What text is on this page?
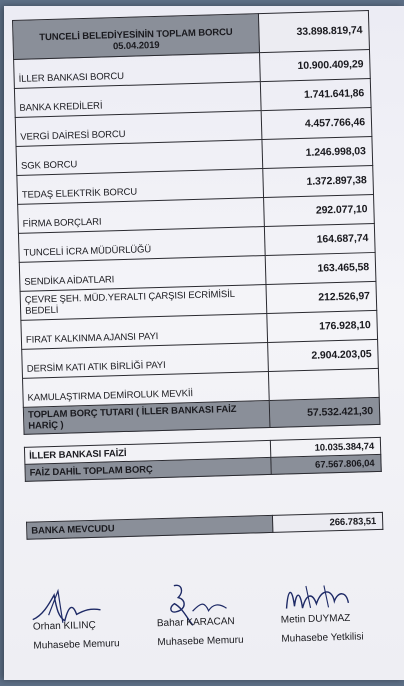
TUNCELİ BELEDİYESİNİN TOPLAM BORCU 05.04.2019	33.898.819,74
İLLER BANKASI BORCU	10.900.409,29
BANKA KREDİLERİ	1.741.641,86
VERGİ DAİRESİ BORCU	4.457.766,46
SGK BORCU	1.246.998,03
TEDAŞ ELEKTRİK BORCU	1.372.897,38
FİRMA BORÇLARI	292.077,10
TUNCELİ İCRA MÜDÜRLÜĞÜ	164.687,74
SENDİKA AİDATLARI	163.465,58
ÇEVRE ŞEH. MÜD.YERALTI ÇARŞISI ECRİMİSİL BEDELİ	212.526,97
FIRAT KALKINMA AJANSI PAYI	176.928,10
DERSİM KATI ATIK BİRLİĞİ PAYI	2.904.203,05
KAMULAŞTIRMA DEMİROLUK MEVKİİ	
TOPLAM BORÇ TUTARI ( İLLER BANKASI FAİZ HARİÇ )	57.532.421,30
İLLER BANKASI FAİZİ	10.035.384,74
FAİZ DAHİL TOPLAM BORÇ	67.567.806,04
BANKA MEVCUDU	266.783,51
Orhan KILINÇ
Muhasebe Memuru
Bahar KARACAN
Muhasebe Memuru
Metin DUYMAZ
Muhasebe Yetkilisi
